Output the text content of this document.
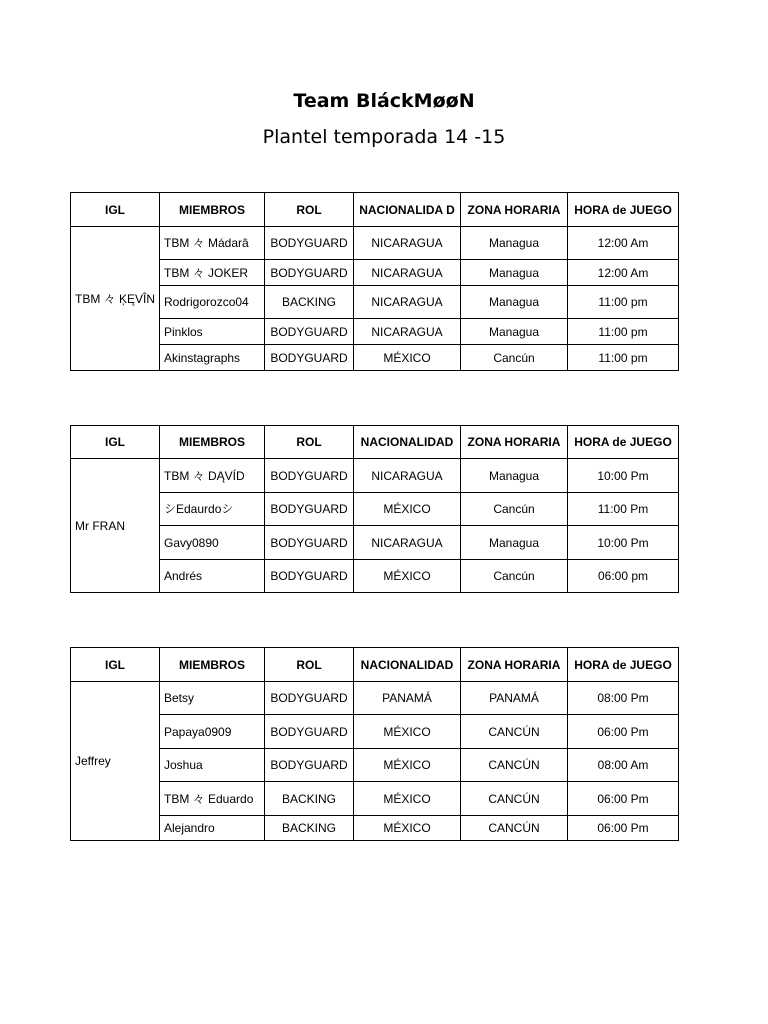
Team BláckMøøN
Plantel temporada 14 -15
IGL	MIEMBROS	ROL	NACIONALIDA D	ZONA HORARIA	HORA de JUEGO
TBM 々 ĶĘVÎN	TBM 々 Mádarâ	BODYGUARD	NICARAGUA	Managua	12:00 Am
	TBM 々 JOKER	BODYGUARD	NICARAGUA	Managua	12:00 Am
	Rodrigorozco04	BACKING	NICARAGUA	Managua	11:00 pm
	Pinklos	BODYGUARD	NICARAGUA	Managua	11:00 pm
	Akinstagraphs	BODYGUARD	MÉXICO	Cancún	11:00 pm
IGL	MIEMBROS	ROL	NACIONALIDAD	ZONA HORARIA	HORA de JUEGO
Mr FRAN	TBM 々 DĄVÍD	BODYGUARD	NICARAGUA	Managua	10:00 Pm
	シEdaurdoシ	BODYGUARD	MÉXICO	Cancún	11:00 Pm
	Gavy0890	BODYGUARD	NICARAGUA	Managua	10:00 Pm
	Andrés	BODYGUARD	MÉXICO	Cancún	06:00 pm
IGL	MIEMBROS	ROL	NACIONALIDAD	ZONA HORARIA	HORA de JUEGO
Jeffrey	Betsy	BODYGUARD	PANAMÁ	PANAMÁ	08:00 Pm
	Papaya0909	BODYGUARD	MÉXICO	CANCÚN	06:00 Pm
	Joshua	BODYGUARD	MÉXICO	CANCÚN	08:00 Am
	TBM 々 Eduardo	BACKING	MÉXICO	CANCÚN	06:00 Pm
	Alejandro	BACKING	MÉXICO	CANCÚN	06:00 Pm
